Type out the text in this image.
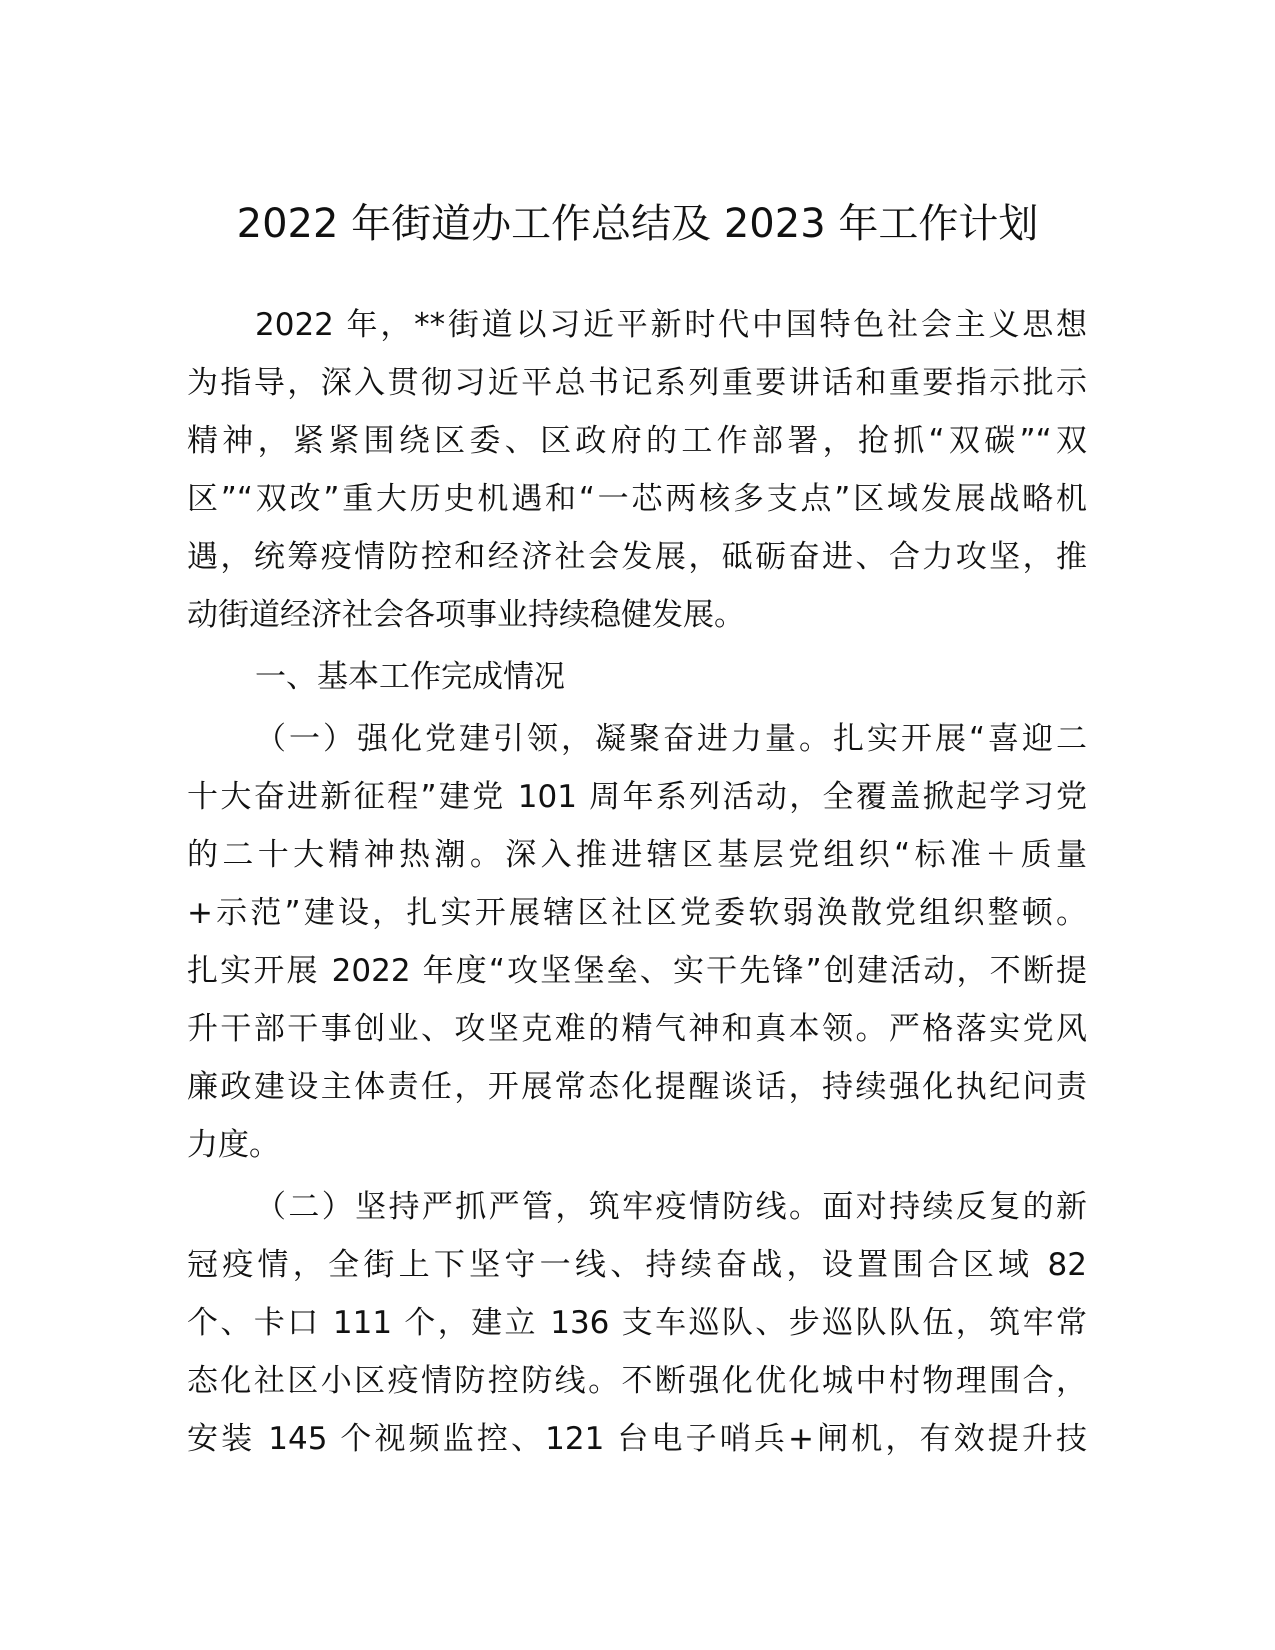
2022 年街道办工作总结及 2023 年工作计划
2022 年，**街道以习近平新时代中国特色社会主义思想
为指导，深入贯彻习近平总书记系列重要讲话和重要指示批示
精神，紧紧围绕区委、区政府的工作部署，抢抓“双碳”“双
区”“双改”重大历史机遇和“一芯两核多支点”区域发展战略机
遇，统筹疫情防控和经济社会发展，砥砺奋进、合力攻坚，推
动街道经济社会各项事业持续稳健发展。
一、基本工作完成情况
（一）强化党建引领，凝聚奋进力量。扎实开展“喜迎二
十大奋进新征程”建党 101 周年系列活动，全覆盖掀起学习党
的二十大精神热潮。深入推进辖区基层党组织“标准＋质量
+示范”建设，扎实开展辖区社区党委软弱涣散党组织整顿。
扎实开展 2022 年度“攻坚堡垒、实干先锋”创建活动，不断提
升干部干事创业、攻坚克难的精气神和真本领。严格落实党风
廉政建设主体责任，开展常态化提醒谈话，持续强化执纪问责
力度。
（二）坚持严抓严管，筑牢疫情防线。面对持续反复的新
冠疫情，全街上下坚守一线、持续奋战，设置围合区域 82
个、卡口 111 个，建立 136 支车巡队、步巡队队伍，筑牢常
态化社区小区疫情防控防线。不断强化优化城中村物理围合，
安装 145 个视频监控、121 台电子哨兵+闸机，有效提升技
